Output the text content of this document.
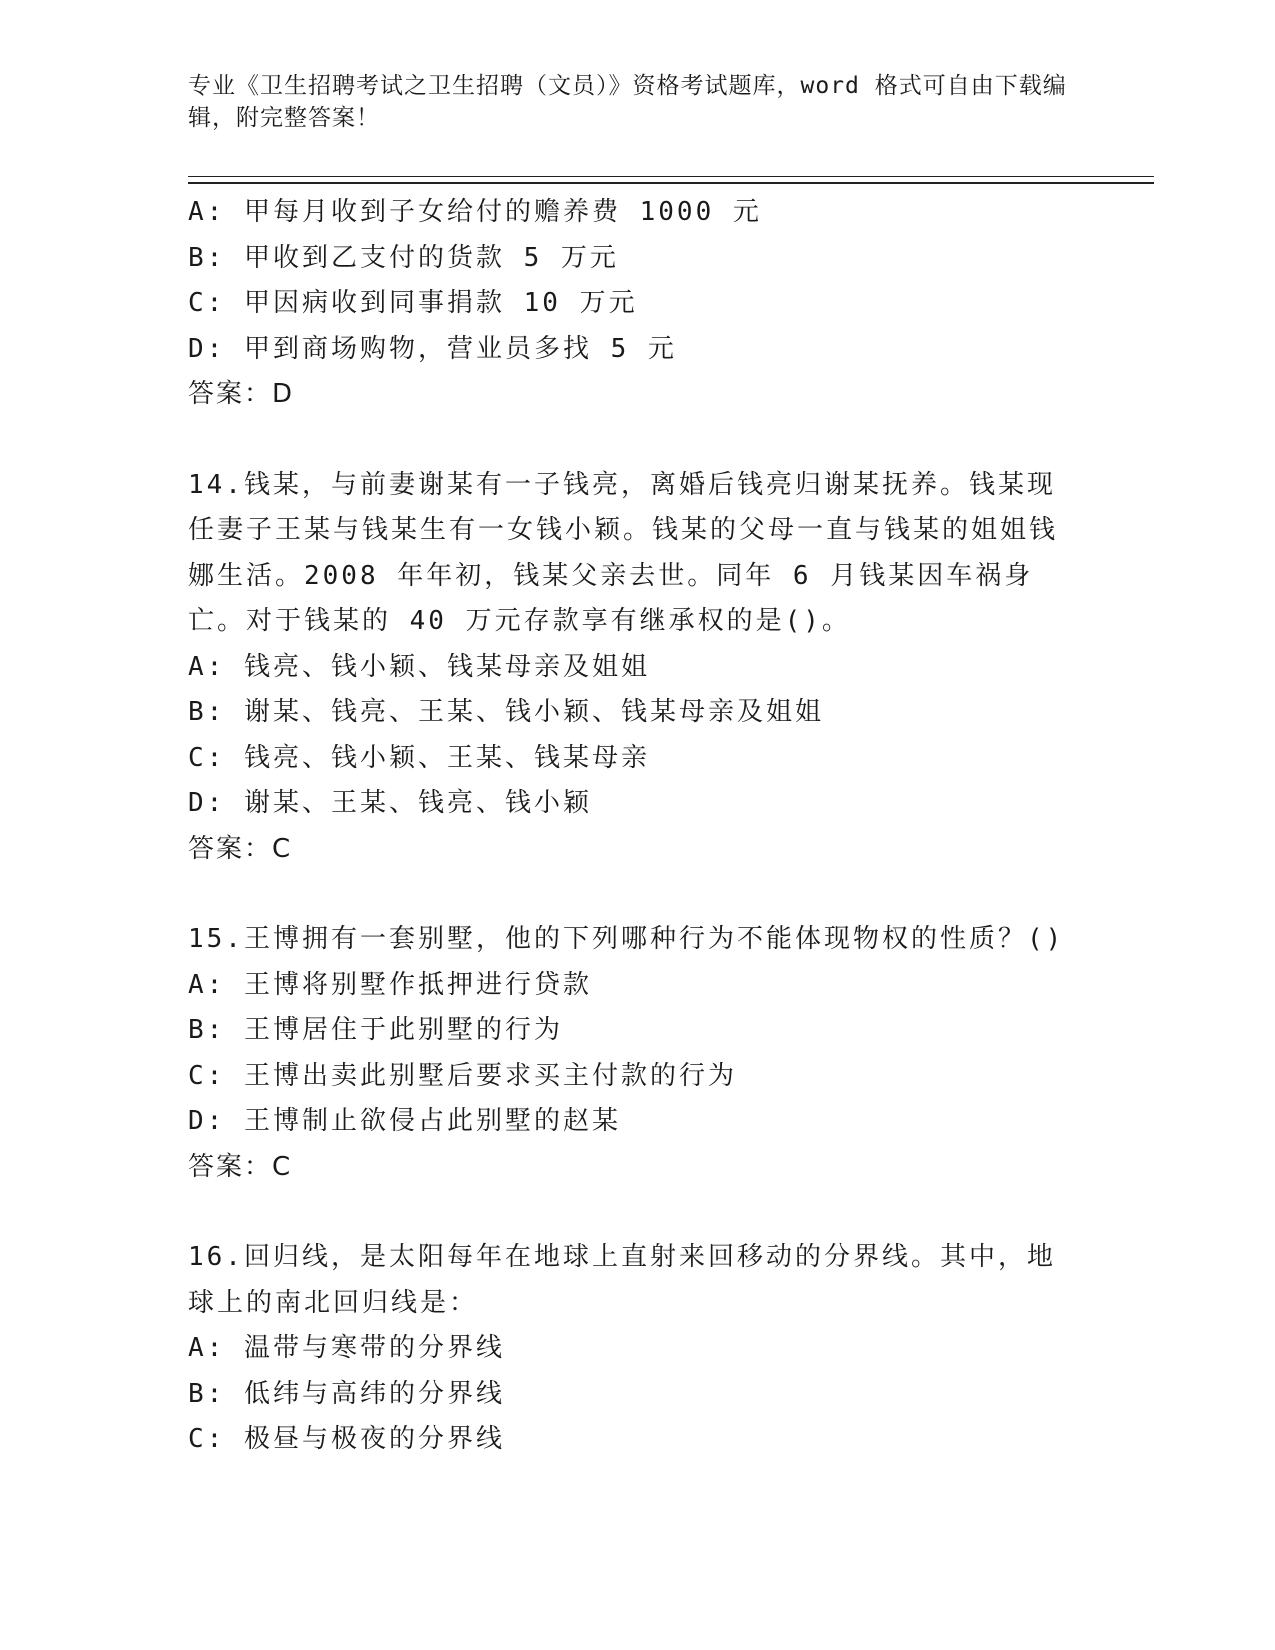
专业《卫生招聘考试之卫生招聘（文员）》资格考试题库，word 格式可自由下载编辑，附完整答案！

A: 甲每月收到子女给付的赡养费 1000 元
B: 甲收到乙支付的货款 5 万元
C: 甲因病收到同事捐款 10 万元
D: 甲到商场购物，营业员多找 5 元
答案：D
14.钱某，与前妻谢某有一子钱亮，离婚后钱亮归谢某抚养。钱某现任妻子王某与钱某生有一女钱小颖。钱某的父母一直与钱某的姐姐钱娜生活。2008 年年初，钱某父亲去世。同年 6 月钱某因车祸身亡。对于钱某的 40 万元存款享有继承权的是()。
A: 钱亮、钱小颖、钱某母亲及姐姐
B: 谢某、钱亮、王某、钱小颖、钱某母亲及姐姐
C: 钱亮、钱小颖、王某、钱某母亲
D: 谢某、王某、钱亮、钱小颖
答案：C
15.王博拥有一套别墅，他的下列哪种行为不能体现物权的性质？()
A: 王博将别墅作抵押进行贷款
B: 王博居住于此别墅的行为
C: 王博出卖此别墅后要求买主付款的行为
D: 王博制止欲侵占此别墅的赵某
答案：C
16.回归线，是太阳每年在地球上直射来回移动的分界线。其中，地球上的南北回归线是：
A: 温带与寒带的分界线
B: 低纬与高纬的分界线
C: 极昼与极夜的分界线
